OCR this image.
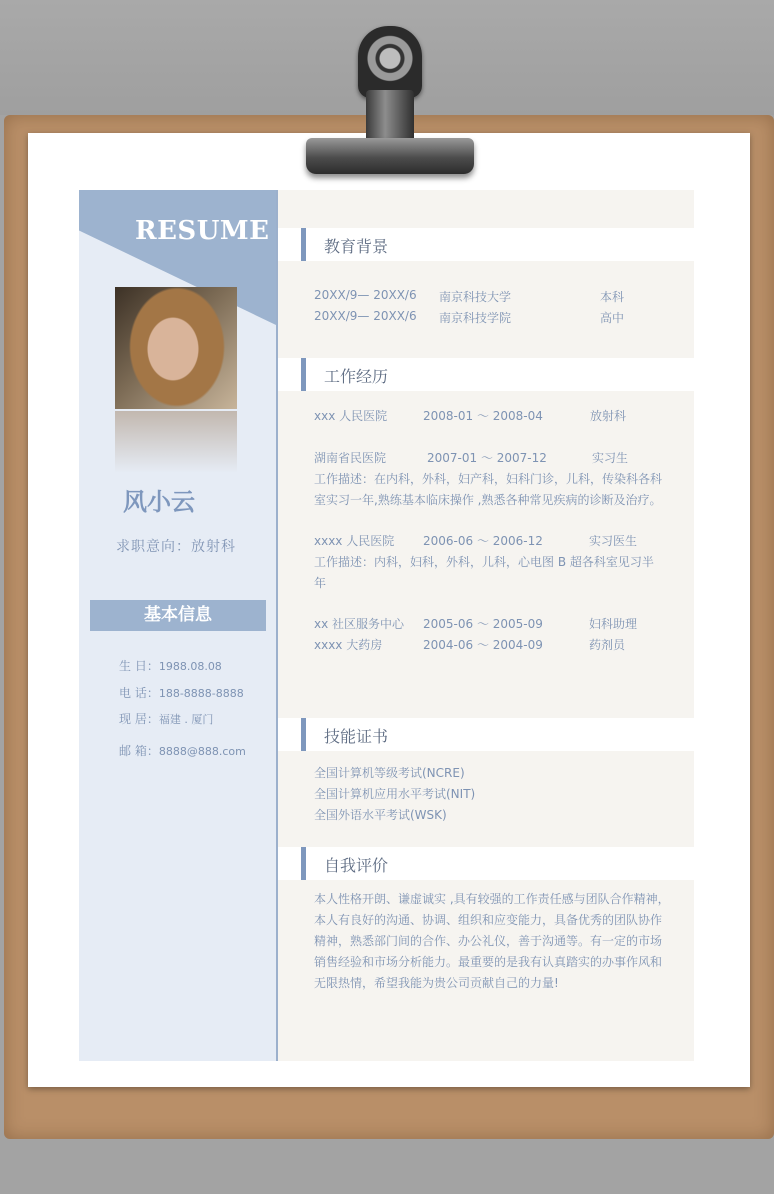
RESUME
风小云
求职意向：放射科
基本信息
生 日：1988.08.08
电 话：188-8888-8888
现 居：福建 . 厦门
邮 箱：8888@888.com
教育背景
20XX/9— 20XX/6 南京科技大学	本科
20XX/9— 20XX/6 南京科技学院	高中
工作经历
xxx 人民医院	2008-01 ～ 2008-04	放射科
湖南省民医院	2007-01 ～ 2007-12	实习生
工作描述：在内科，外科，妇产科，妇科门诊，儿科，传染科各科
室实习一年,熟练基本临床操作 ,熟悉各种常见疾病的诊断及治疗。
xxxx 人民医院 2006-06 ～ 2006-12	实习医生
工作描述：内科，妇科，外科，儿科，心电图 B 超各科室见习半
年
xx 社区服务中心 2005-06 ～ 2005-09	妇科助理
xxxx 大药房	2004-06 ～ 2004-09	药剂员
技能证书
全国计算机等级考试(NCRE)
全国计算机应用水平考试(NIT)
全国外语水平考试(WSK)
自我评价
本人性格开朗、谦虚诚实 ,具有较强的工作责任感与团队合作精神，
本人有良好的沟通、协调、组织和应变能力，具备优秀的团队协作
精神，熟悉部门间的合作、办公礼仪，善于沟通等。有一定的市场
销售经验和市场分析能力。最重要的是我有认真踏实的办事作风和
无限热情，希望我能为贵公司贡献自己的力量!
